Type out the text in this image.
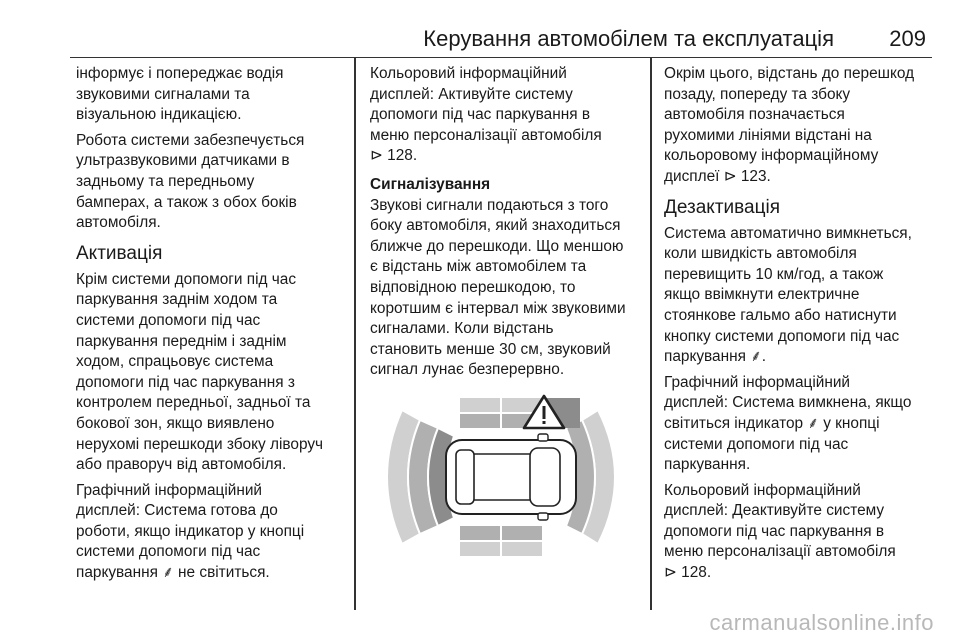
Керування автомобілем та експлуатація	209
інформує і попереджає водія
звуковими сигналами та
візуальною індикацією.
Робота системи забезпечується
ультразвуковими датчиками в
задньому та передньому
бамперах, а також з обох боків
автомобіля.
Активація
Крім системи допомоги під час
паркування заднім ходом та
системи допомоги під час
паркування переднім і заднім
ходом, спрацьовує система
допомоги під час паркування з
контролем передньої, задньої та
бокової зон, якщо виявлено
нерухомі перешкоди збоку ліворуч
або праворуч від автомобіля.
Графічний інформаційний
дисплей: Система готова до
роботи, якщо індикатор у кнопці
системи допомоги під час
паркування ⸙ не світиться.
Кольоровий інформаційний
дисплей: Активуйте систему
допомоги під час паркування в
меню персоналізації автомобіля
⊳ 128.
Сигналізування
Звукові сигнали подаються з того
боку автомобіля, який знаходиться
ближче до перешкоди. Що меншою
є відстань між автомобілем та
відповідною перешкодою, то
коротшим є інтервал між звуковими
сигналами. Коли відстань
становить менше 30 см, звуковий
сигнал лунає безперервно.
Окрім цього, відстань до перешкод
позаду, попереду та збоку
автомобіля позначається
рухомими лініями відстані на
кольоровому інформаційному
дисплеї ⊳ 123.
Дезактивація
Система автоматично вимкнеться,
коли швидкість автомобіля
перевищить 10 км/год, а також
якщо ввімкнути електричне
стоянкове гальмо або натиснути
кнопку системи допомоги під час
паркування ⸙.
Графічний інформаційний
дисплей: Система вимкнена, якщо
світиться індикатор ⸙ у кнопці
системи допомоги під час
паркування.
Кольоровий інформаційний
дисплей: Деактивуйте систему
допомоги під час паркування в
меню персоналізації автомобіля
⊳ 128.
carmanualsonline.info
